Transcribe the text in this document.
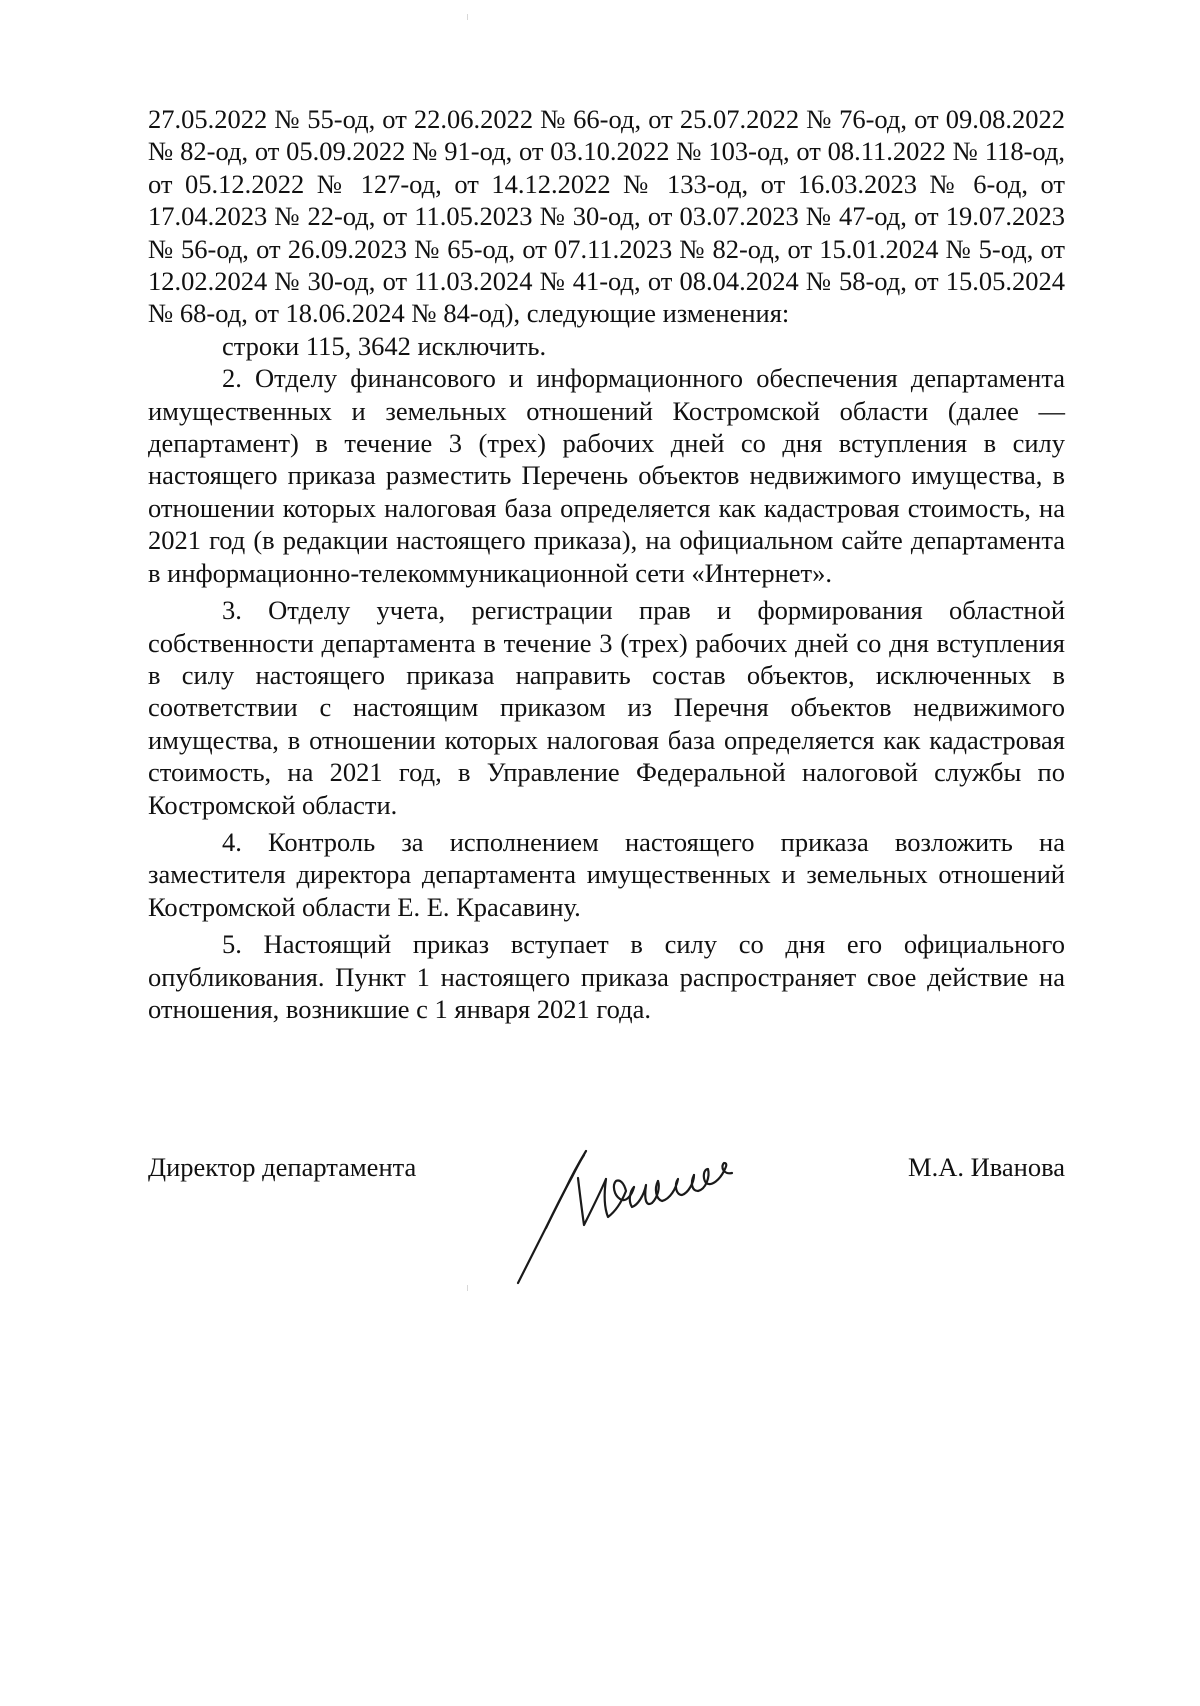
27.05.2022 № 55-од, от 22.06.2022 № 66-од, от 25.07.2022 № 76-од, от 09.08.2022 № 82-од, от 05.09.2022 № 91-од, от 03.10.2022 № 103-од, от 08.11.2022 № 118-од, от 05.12.2022 № 127-од, от 14.12.2022 № 133-од, от 16.03.2023 № 6-од, от 17.04.2023 № 22-од, от 11.05.2023 № 30-од, от 03.07.2023 № 47-од, от 19.07.2023 № 56-од, от 26.09.2023 № 65-од, от 07.11.2023 № 82-од, от 15.01.2024 № 5-од, от 12.02.2024 № 30-од, от 11.03.2024 № 41-од, от 08.04.2024 № 58-од, от 15.05.2024 № 68-од, от 18.06.2024 № 84-од), следующие изменения:

строки 115, 3642 исключить.

2. Отделу финансового и информационного обеспечения департамента имущественных и земельных отношений Костромской области (далее — департамент) в течение 3 (трех) рабочих дней со дня вступления в силу настоящего приказа разместить Перечень объектов недвижимого имущества, в отношении которых налоговая база определяется как кадастровая стоимость, на 2021 год (в редакции настоящего приказа), на официальном сайте департамента в информационно-телекоммуникационной сети «Интернет».

3. Отделу учета, регистрации прав и формирования областной собственности департамента в течение 3 (трех) рабочих дней со дня вступления в силу настоящего приказа направить состав объектов, исключенных в соответствии с настоящим приказом из Перечня объектов недвижимого имущества, в отношении которых налоговая база определяется как кадастровая стоимость, на 2021 год, в Управление Федеральной налоговой службы по Костромской области.

4. Контроль за исполнением настоящего приказа возложить на заместителя директора департамента имущественных и земельных отношений Костромской области Е. Е. Красавину.

5. Настоящий приказ вступает в силу со дня его официального опубликования. Пункт 1 настоящего приказа распространяет свое действие на отношения, возникшие с 1 января 2021 года.

Директор департамента	М.А. Иванова
